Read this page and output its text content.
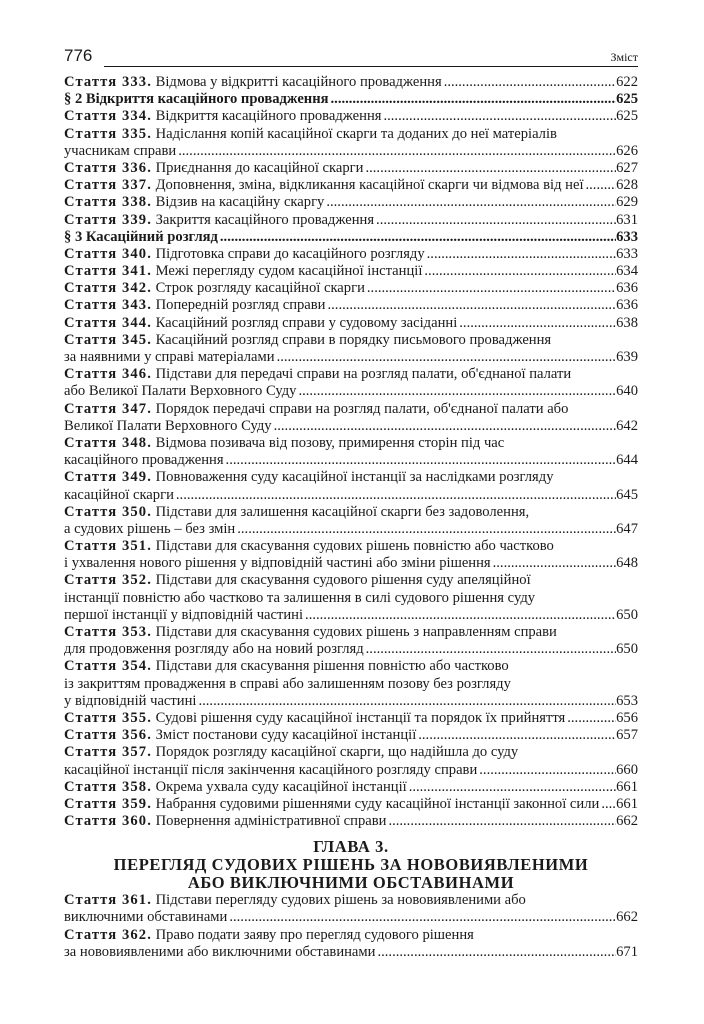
776	Зміст
Стаття 333. Відмова у відкритті касаційного провадження .....	622
§ 2 Відкриття касаційного провадження .....	625
Стаття 334. Відкриття касаційного провадження .....	625
Стаття 335. Надіслання копій касаційної скарги та доданих до неї матеріалів
учасникам справи .....	626
Стаття 336. Приєднання до касаційної скарги .....	627
Стаття 337. Доповнення, зміна, відкликання касаційної скарги чи відмова від неї ..... 628
Стаття 338. Відзив на касаційну скаргу .....	629
Стаття 339. Закриття касаційного провадження .....	631
§ 3 Касаційний розгляд .....	633
Стаття 340. Підготовка справи до касаційного розгляду .....	633
Стаття 341. Межі перегляду судом касаційної інстанції .....	634
Стаття 342. Строк розгляду касаційної скарги .....	636
Стаття 343. Попередній розгляд справи .....	636
Стаття 344. Касаційний розгляд справи у судовому засіданні .....	638
Стаття 345. Касаційний розгляд справи в порядку письмового провадження
за наявними у справі матеріалами .....	639
Стаття 346. Підстави для передачі справи на розгляд палати, об'єднаної палати
або Великої Палати Верховного Суду .....	640
Стаття 347. Порядок передачі справи на розгляд палати, об'єднаної палати або
Великої Палати Верховного Суду .....	642
Стаття 348. Відмова позивача від позову, примирення сторін під час
касаційного провадження .....	644
Стаття 349. Повноваження суду касаційної інстанції за наслідками розгляду
касаційної скарги .....	645
Стаття 350. Підстави для залишення касаційної скарги без задоволення,
а судових рішень – без змін .....	647
Стаття 351. Підстави для скасування судових рішень повністю або частково
і ухвалення нового рішення у відповідній частині або зміни рішення .....	648
Стаття 352. Підстави для скасування судового рішення суду апеляційної
інстанції повністю або частково та залишення в силі судового рішення суду
першої інстанції у відповідній частині .....	650
Стаття 353. Підстави для скасування судових рішень з направленням справи
для продовження розгляду або на новий розгляд .....	650
Стаття 354. Підстави для скасування рішення повністю або частково
із закриттям провадження в справі або залишенням позову без розгляду
у відповідній частині .....	653
Стаття 355. Судові рішення суду касаційної інстанції та порядок їх прийняття .....	656
Стаття 356. Зміст постанови суду касаційної інстанції .....	657
Стаття 357. Порядок розгляду касаційної скарги, що надійшла до суду
касаційної інстанції після закінчення касаційного розгляду справи .....	660
Стаття 358. Окрема ухвала суду касаційної інстанції .....	661
Стаття 359. Набрання судовими рішеннями суду касаційної інстанції законної сили ..... 661
Стаття 360. Повернення адміністративної справи .....	662
ГЛАВА 3.
ПЕРЕГЛЯД СУДОВИХ РІШЕНЬ ЗА НОВОВИЯВЛЕНИМИ
АБО ВИКЛЮЧНИМИ ОБСТАВИНАМИ
Стаття 361. Підстави перегляду судових рішень за нововиявленими або
виключними обставинами .....	662
Стаття 362. Право подати заяву про перегляд судового рішення
за нововиявленими або виключними обставинами .....	671
